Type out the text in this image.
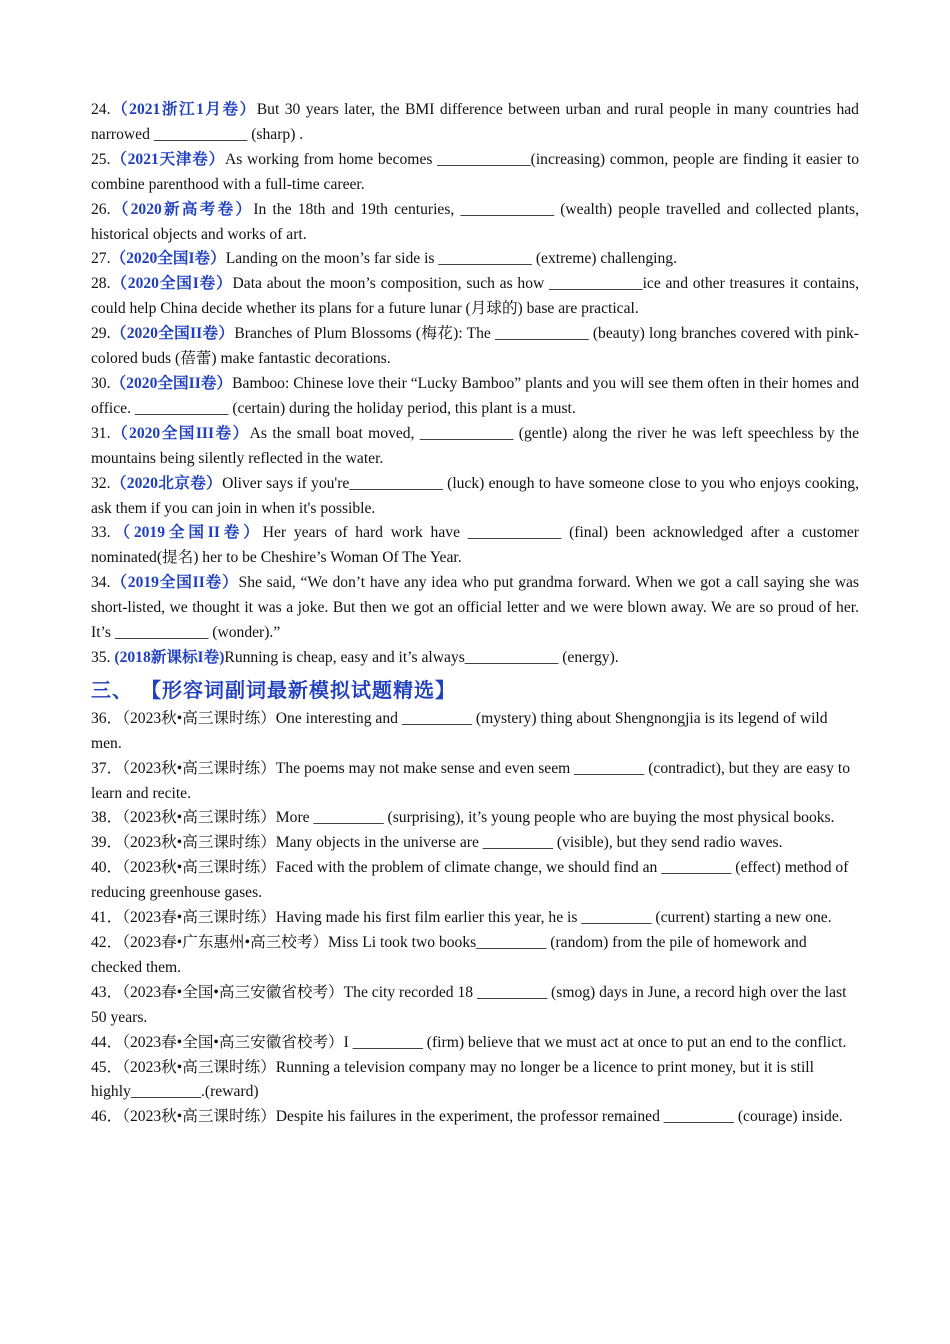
24.（2021浙江1月卷）But 30 years later, the BMI difference between urban and rural people in many countries had narrowed ____________ (sharp) .

25.（2021天津卷）As working from home becomes ____________(increasing) common, people are finding it easier to combine parenthood with a full-time career.

26.（2020新高考卷）In the 18th and 19th centuries, ____________ (wealth) people travelled and collected plants, historical objects and works of art.

27.（2020全国I卷）Landing on the moon’s far side is ____________ (extreme) challenging.

28.（2020全国I卷）Data about the moon’s composition, such as how ____________ice and other treasures it contains, could help China decide whether its plans for a future lunar (月球的) base are practical.

29.（2020全国II卷）Branches of Plum Blossoms (梅花): The ____________ (beauty) long branches covered with pink-colored buds (蓓蕾) make fantastic decorations.

30.（2020全国II卷）Bamboo: Chinese love their “Lucky Bamboo” plants and you will see them often in their homes and office. ____________ (certain) during the holiday period, this plant is a must.

31.（2020全国III卷）As the small boat moved, ____________ (gentle) along the river he was left speechless by the mountains being silently reflected in the water.

32.（2020北京卷）Oliver says if you're____________ (luck) enough to have someone close to you who enjoys cooking, ask them if you can join in when it's possible.

33.（2019全国II卷）Her years of hard work have ____________ (final) been acknowledged after a customer nominated(提名) her to be Cheshire’s Woman Of The Year.

34.（2019全国II卷）She said, “We don’t have any idea who put grandma forward. When we got a call saying she was short-listed, we thought it was a joke. But then we got an official letter and we were blown away. We are so proud of her. It’s ____________ (wonder).”

35. (2018新课标I卷)Running is cheap, easy and it’s always____________ (energy).

三、 【形容词副词最新模拟试题精选】

36．（2023秋•高三课时练）One interesting and _________ (mystery) thing about Shengnongjia is its legend of wild men.

37．（2023秋•高三课时练）The poems may not make sense and even seem _________ (contradict), but they are easy to learn and recite.

38．（2023秋•高三课时练）More _________ (surprising), it’s young people who are buying the most physical books.

39．（2023秋•高三课时练）Many objects in the universe are _________ (visible), but they send radio waves.

40．（2023秋•高三课时练）Faced with the problem of climate change, we should find an _________ (effect) method of reducing greenhouse gases.

41．（2023春•高三课时练）Having made his first film earlier this year, he is _________ (current) starting a new one.

42．（2023春•广东惠州•高三校考）Miss Li took two books_________ (random) from the pile of homework and checked them.

43．（2023春•全国•高三安徽省校考）The city recorded 18 _________ (smog) days in June, a record high over the last 50 years.

44．（2023春•全国•高三安徽省校考）I _________ (firm) believe that we must act at once to put an end to the conflict.

45．（2023秋•高三课时练）Running a television company may no longer be a licence to print money, but it is still highly_________.(reward)

46．（2023秋•高三课时练）Despite his failures in the experiment, the professor remained _________ (courage) inside.
